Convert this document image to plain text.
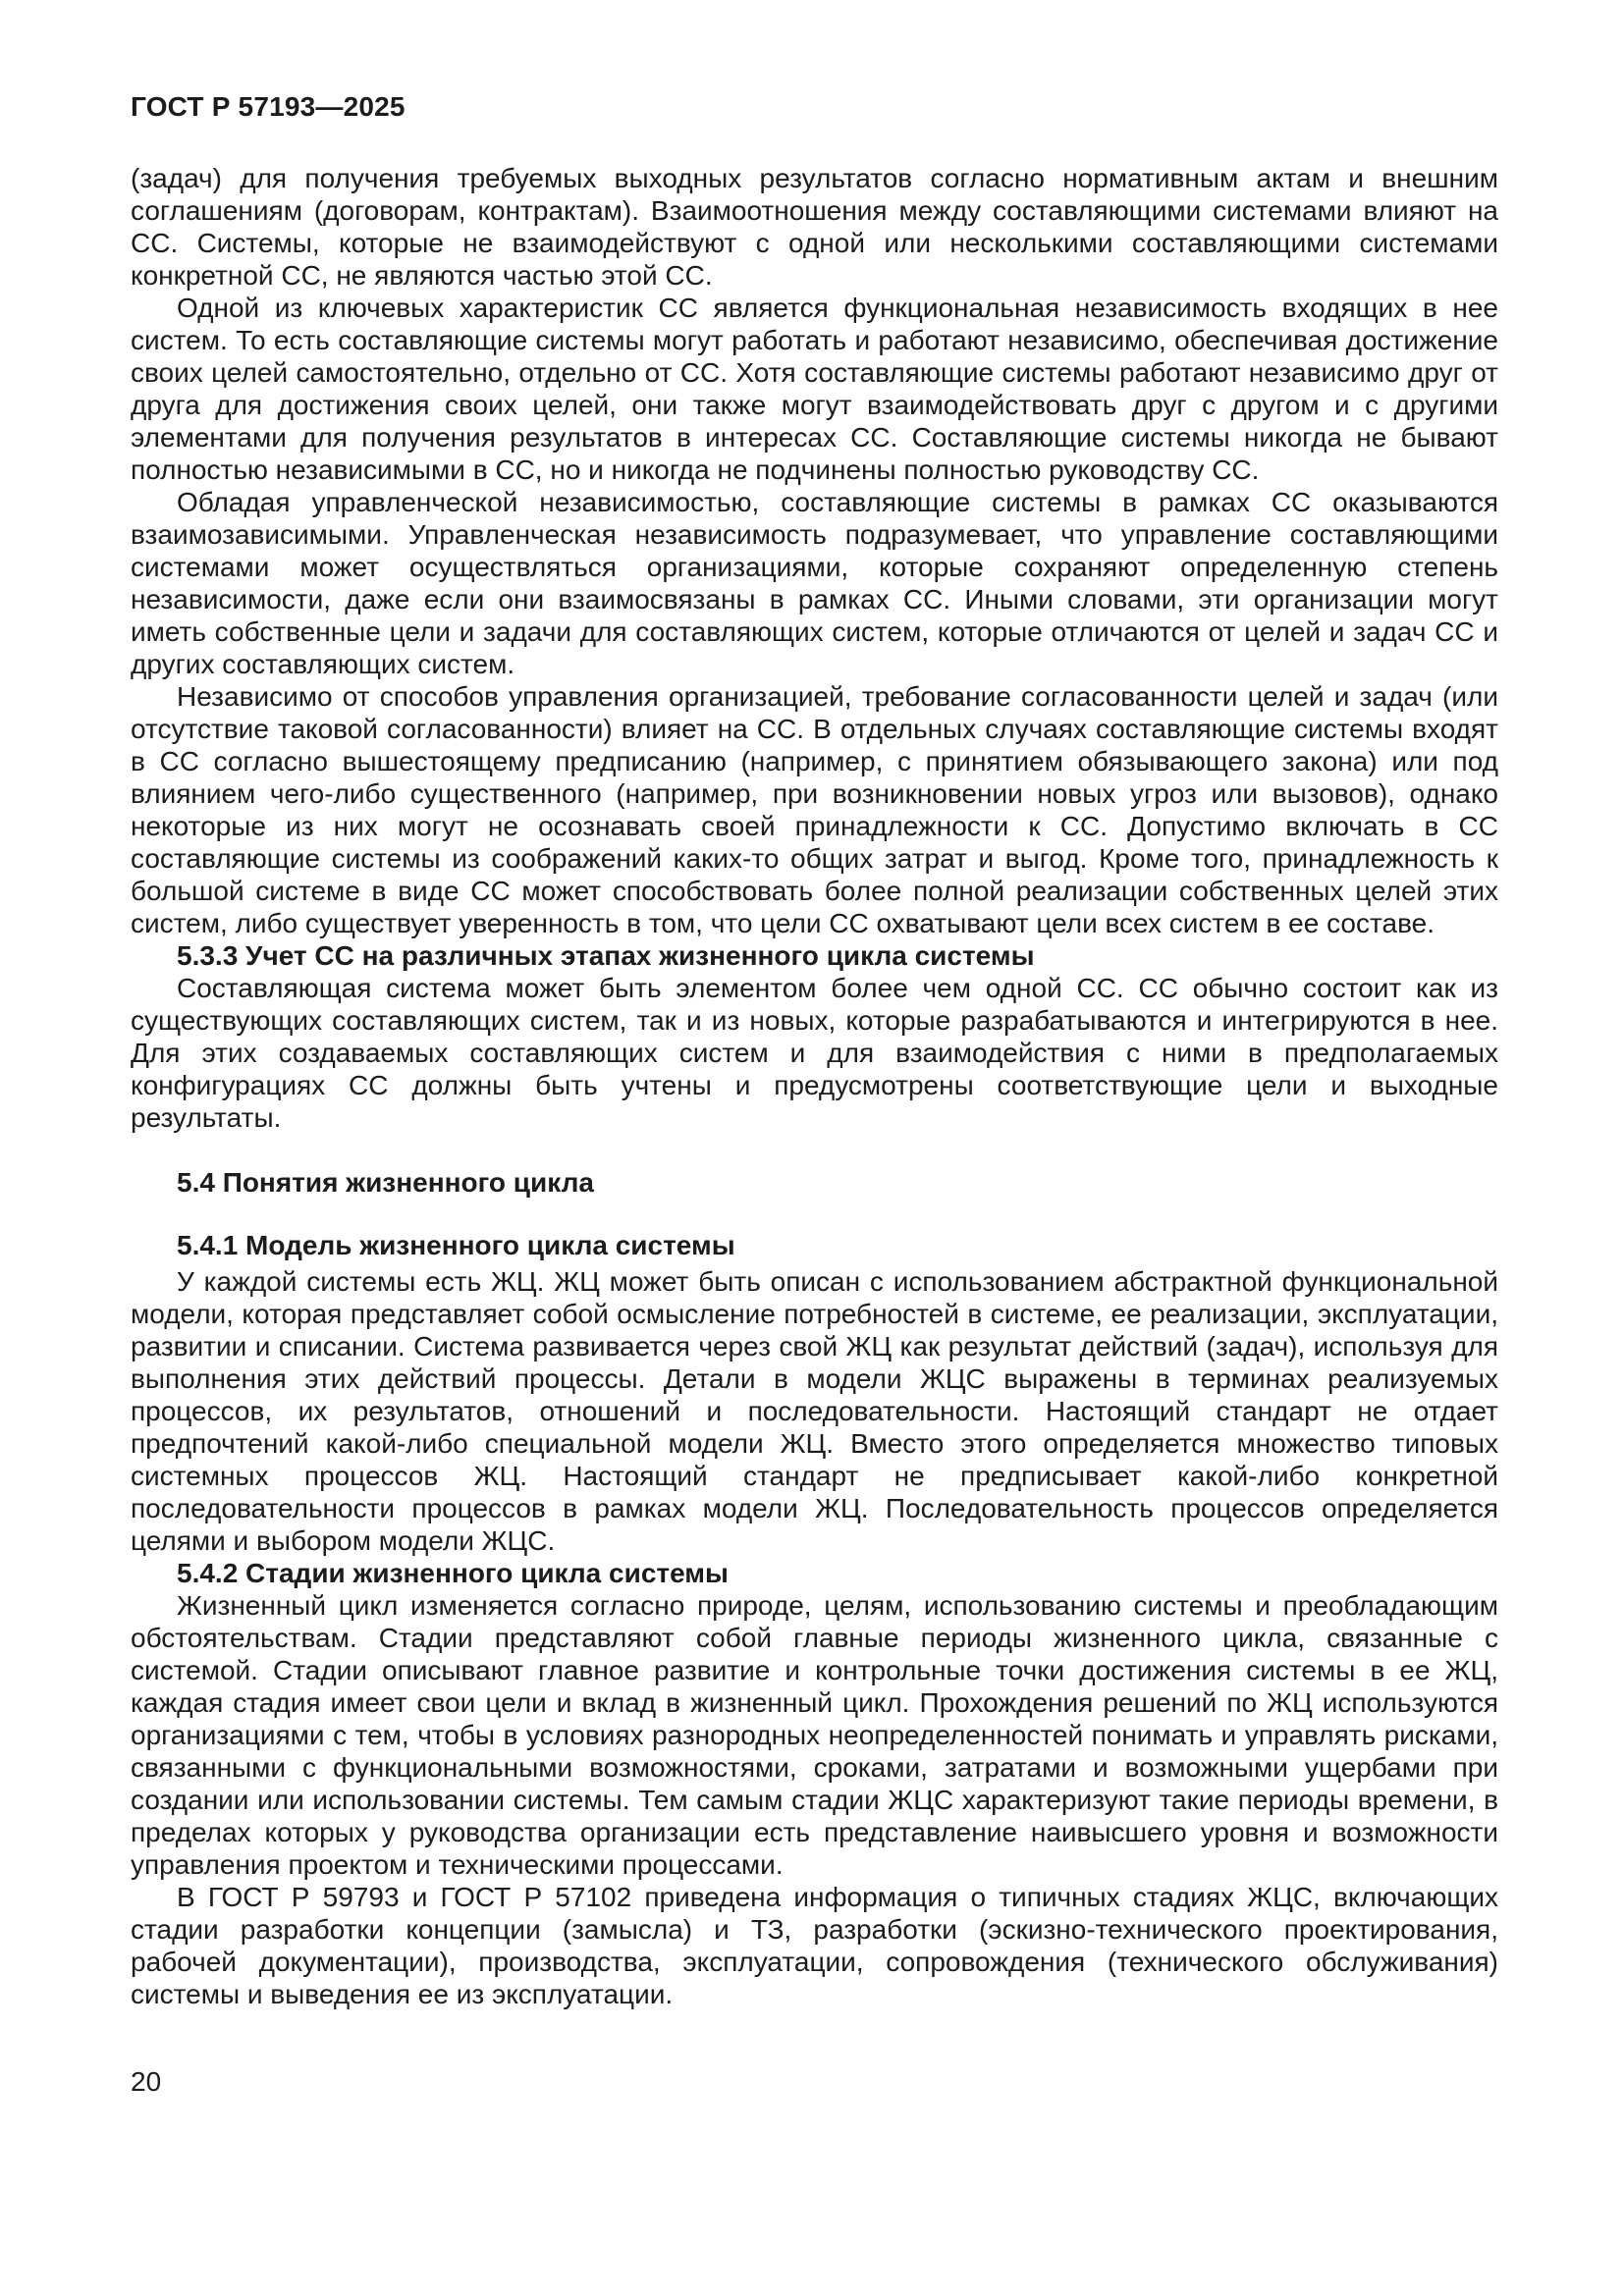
ГОСТ Р 57193—2025

(задач) для получения требуемых выходных результатов согласно нормативным актам и внешним соглашениям (договорам, контрактам). Взаимоотношения между составляющими системами влияют на СС. Системы, которые не взаимодействуют с одной или несколькими составляющими системами конкретной СС, не являются частью этой СС.

Одной из ключевых характеристик СС является функциональная независимость входящих в нее систем. То есть составляющие системы могут работать и работают независимо, обеспечивая достижение своих целей самостоятельно, отдельно от СС. Хотя составляющие системы работают независимо друг от друга для достижения своих целей, они также могут взаимодействовать друг с другом и с другими элементами для получения результатов в интересах СС. Составляющие системы никогда не бывают полностью независимыми в СС, но и никогда не подчинены полностью руководству СС.

Обладая управленческой независимостью, составляющие системы в рамках СС оказываются взаимозависимыми. Управленческая независимость подразумевает, что управление составляющими системами может осуществляться организациями, которые сохраняют определенную степень независимости, даже если они взаимосвязаны в рамках СС. Иными словами, эти организации могут иметь собственные цели и задачи для составляющих систем, которые отличаются от целей и задач СС и других составляющих систем.

Независимо от способов управления организацией, требование согласованности целей и задач (или отсутствие таковой согласованности) влияет на СС. В отдельных случаях составляющие системы входят в СС согласно вышестоящему предписанию (например, с принятием обязывающего закона) или под влиянием чего-либо существенного (например, при возникновении новых угроз или вызовов), однако некоторые из них могут не осознавать своей принадлежности к СС. Допустимо включать в СС составляющие системы из соображений каких-то общих затрат и выгод. Кроме того, принадлежность к большой системе в виде СС может способствовать более полной реализации собственных целей этих систем, либо существует уверенность в том, что цели СС охватывают цели всех систем в ее составе.

5.3.3 Учет СС на различных этапах жизненного цикла системы

Составляющая система может быть элементом более чем одной СС. СС обычно состоит как из существующих составляющих систем, так и из новых, которые разрабатываются и интегрируются в нее. Для этих создаваемых составляющих систем и для взаимодействия с ними в предполагаемых конфигурациях СС должны быть учтены и предусмотрены соответствующие цели и выходные результаты.

5.4 Понятия жизненного цикла

5.4.1 Модель жизненного цикла системы

У каждой системы есть ЖЦ. ЖЦ может быть описан с использованием абстрактной функциональной модели, которая представляет собой осмысление потребностей в системе, ее реализации, эксплуатации, развитии и списании. Система развивается через свой ЖЦ как результат действий (задач), используя для выполнения этих действий процессы. Детали в модели ЖЦС выражены в терминах реализуемых процессов, их результатов, отношений и последовательности. Настоящий стандарт не отдает предпочтений какой-либо специальной модели ЖЦ. Вместо этого определяется множество типовых системных процессов ЖЦ. Настоящий стандарт не предписывает какой-либо конкретной последовательности процессов в рамках модели ЖЦ. Последовательность процессов определяется целями и выбором модели ЖЦС.

5.4.2 Стадии жизненного цикла системы

Жизненный цикл изменяется согласно природе, целям, использованию системы и преобладающим обстоятельствам. Стадии представляют собой главные периоды жизненного цикла, связанные с системой. Стадии описывают главное развитие и контрольные точки достижения системы в ее ЖЦ, каждая стадия имеет свои цели и вклад в жизненный цикл. Прохождения решений по ЖЦ используются организациями с тем, чтобы в условиях разнородных неопределенностей понимать и управлять рисками, связанными с функциональными возможностями, сроками, затратами и возможными ущербами при создании или использовании системы. Тем самым стадии ЖЦС характеризуют такие периоды времени, в пределах которых у руководства организации есть представление наивысшего уровня и возможности управления проектом и техническими процессами.

В ГОСТ Р 59793 и ГОСТ Р 57102 приведена информация о типичных стадиях ЖЦС, включающих стадии разработки концепции (замысла) и ТЗ, разработки (эскизно-технического проектирования, рабочей документации), производства, эксплуатации, сопровождения (технического обслуживания) системы и выведения ее из эксплуатации.

20
